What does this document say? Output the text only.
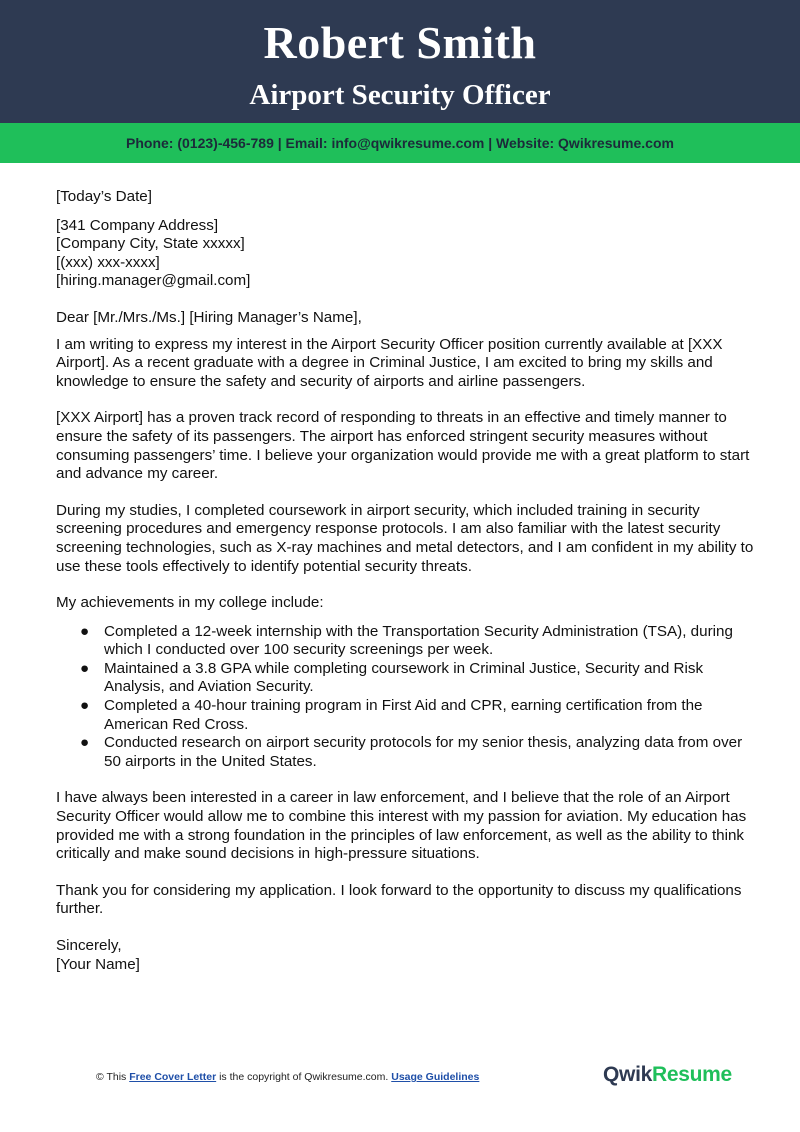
Robert Smith
Airport Security Officer
Phone: (0123)-456-789 | Email: info@qwikresume.com | Website: Qwikresume.com

[Today’s Date]

[341 Company Address]

[Company City, State xxxxx]

[(xxx) xxx-xxxx]

[hiring.manager@gmail.com]

Dear [Mr./Mrs./Ms.] [Hiring Manager’s Name],

I am writing to express my interest in the Airport Security Officer position currently available at [XXX Airport]. As a recent graduate with a degree in Criminal Justice, I am excited to bring my skills and knowledge to ensure the safety and security of airports and airline passengers.

[XXX Airport] has a proven track record of responding to threats in an effective and timely manner to ensure the safety of its passengers. The airport has enforced stringent security measures without consuming passengers’ time. I believe your organization would provide me with a great platform to start and advance my career.

During my studies, I completed coursework in airport security, which included training in security screening procedures and emergency response protocols. I am also familiar with the latest security screening technologies, such as X-ray machines and metal detectors, and I am confident in my ability to use these tools effectively to identify potential security threats.

My achievements in my college include:

● Completed a 12-week internship with the Transportation Security Administration (TSA), during which I conducted over 100 security screenings per week.
● Maintained a 3.8 GPA while completing coursework in Criminal Justice, Security and Risk Analysis, and Aviation Security.
● Completed a 40-hour training program in First Aid and CPR, earning certification from the American Red Cross.
● Conducted research on airport security protocols for my senior thesis, analyzing data from over 50 airports in the United States.

I have always been interested in a career in law enforcement, and I believe that the role of an Airport Security Officer would allow me to combine this interest with my passion for aviation. My education has provided me with a strong foundation in the principles of law enforcement, as well as the ability to think critically and make sound decisions in high-pressure situations.

Thank you for considering my application. I look forward to the opportunity to discuss my qualifications further.

Sincerely,

[Your Name]

© This Free Cover Letter is the copyright of Qwikresume.com. Usage Guidelines	QwikResume
